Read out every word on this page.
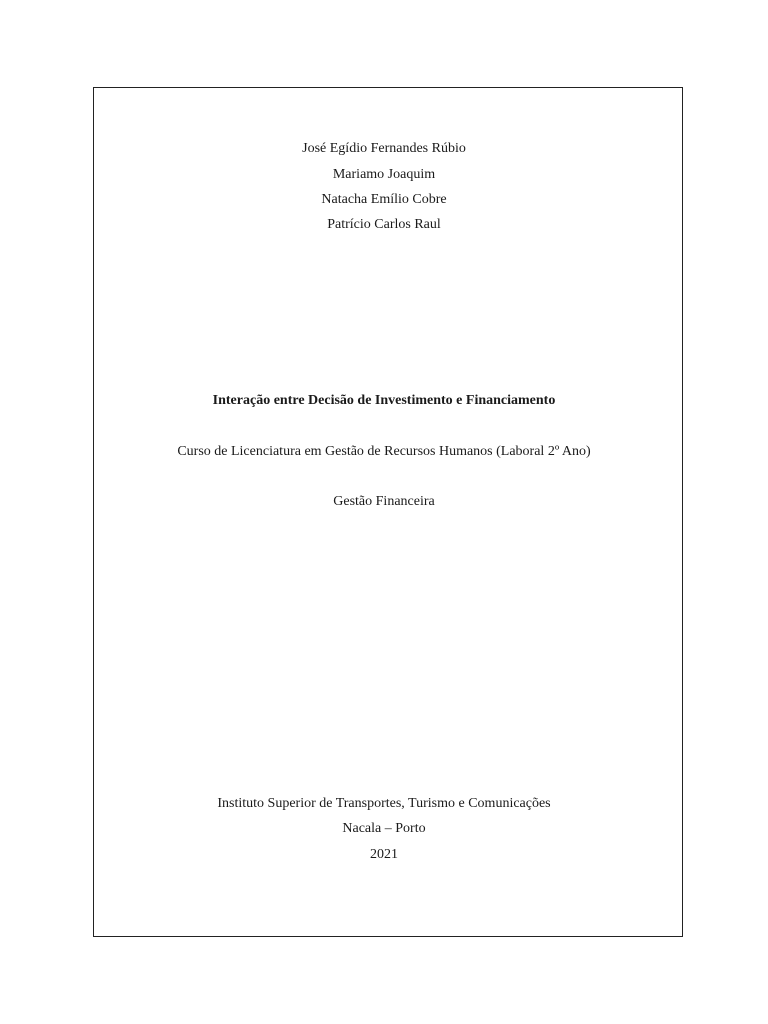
José Egídio Fernandes Rúbio
Mariamo Joaquim
Natacha Emílio Cobre
Patrício Carlos Raul
Interação entre Decisão de Investimento e Financiamento
Curso de Licenciatura em Gestão de Recursos Humanos (Laboral 2º Ano)
Gestão Financeira
Instituto Superior de Transportes, Turismo e Comunicações
Nacala – Porto
2021
